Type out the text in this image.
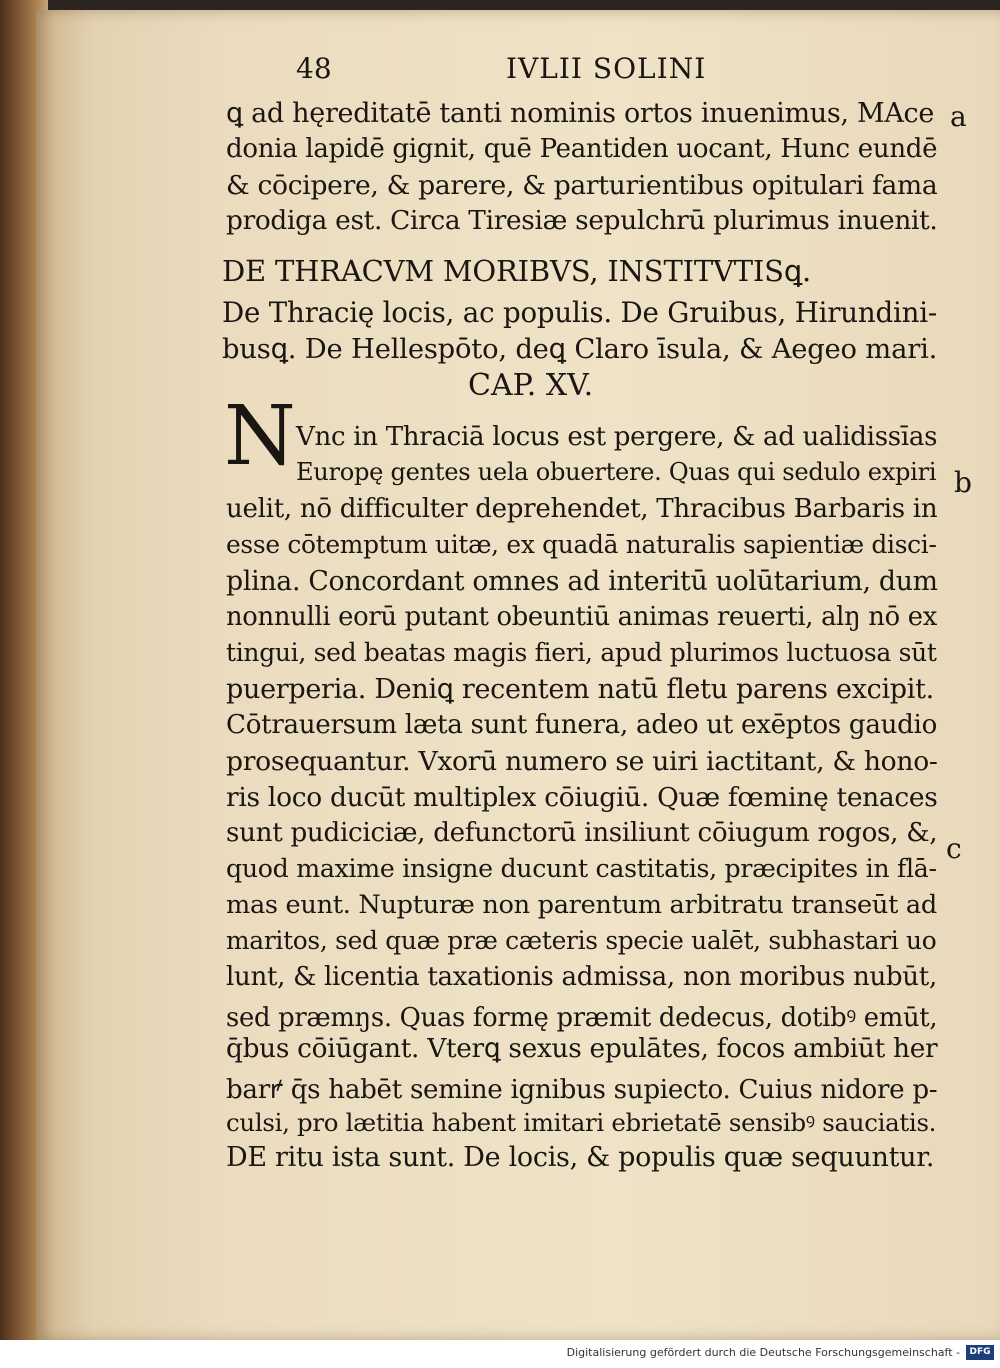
48	IVLII SOLINI
ꝗ ad hęreditatē tanti nominis ortos inuenimus, MAce
donia lapidē gignit, quē Peantiden uocant, Hunc eundē
& cōcipere, & parere, & parturientibus opitulari fama
prodiga est. Circa Tiresiæ sepulchrū plurimus inuenit.
DE THRACVM MORIBVS, INSTITVTISꝗ.
De Thracię locis, ac populis. De Gruibus, Hirundini-
busꝗ. De Hellespōto, deꝗ Claro īsula, & Aegeo mari.
CAP. XV.
N Vnc in Thraciā locus est pergere, & ad ualidissīas
Europę gentes uela obuertere. Quas qui sedulo expiri
uelit, nō difficulter deprehendet, Thracibus Barbaris in
esse cōtemptum uitæ, ex quadā naturalis sapientiæ disci-
plina. Concordant omnes ad interitū uolūtarium, dum
nonnulli eorū putant obeuntiū animas reuerti, alŋ nō ex
tingui, sed beatas magis fieri, apud plurimos luctuosa sūt
puerperia. Deniꝗ recentem natū fletu parens excipit.
Cōtrauersum læta sunt funera, adeo ut exēptos gaudio
prosequantur. Vxorū numero se uiri iactitant, & hono-
ris loco ducūt multiplex cōiugiū. Quæ fœminę tenaces
sunt pudiciciæ, defunctorū insiliunt cōiugum rogos, &,
quod maxime insigne ducunt castitatis, præcipites in flā-
mas eunt. Nupturæ non parentum arbitratu transeūt ad
maritos, sed quæ præ cæteris specie ualēt, subhastari uo
lunt, & licentia taxationis admissa, non moribus nubūt,
sed præmŋs. Quas formę præmit dedecus, dotibꝰ emūt,
q̄bus cōiūgant. Vterꝗ sexus epulātes, focos ambiūt her
barꝵ q̄s habēt semine ignibus supiecto. Cuius nidore p-
culsi, pro lætitia habent imitari ebrietatē sensibꝰ sauciatis.
DE ritu ista sunt. De locis, & populis quæ sequuntur.
a
b
c
Digitalisierung gefördert durch die Deutsche Forschungsgemeinschaft -	DFG
